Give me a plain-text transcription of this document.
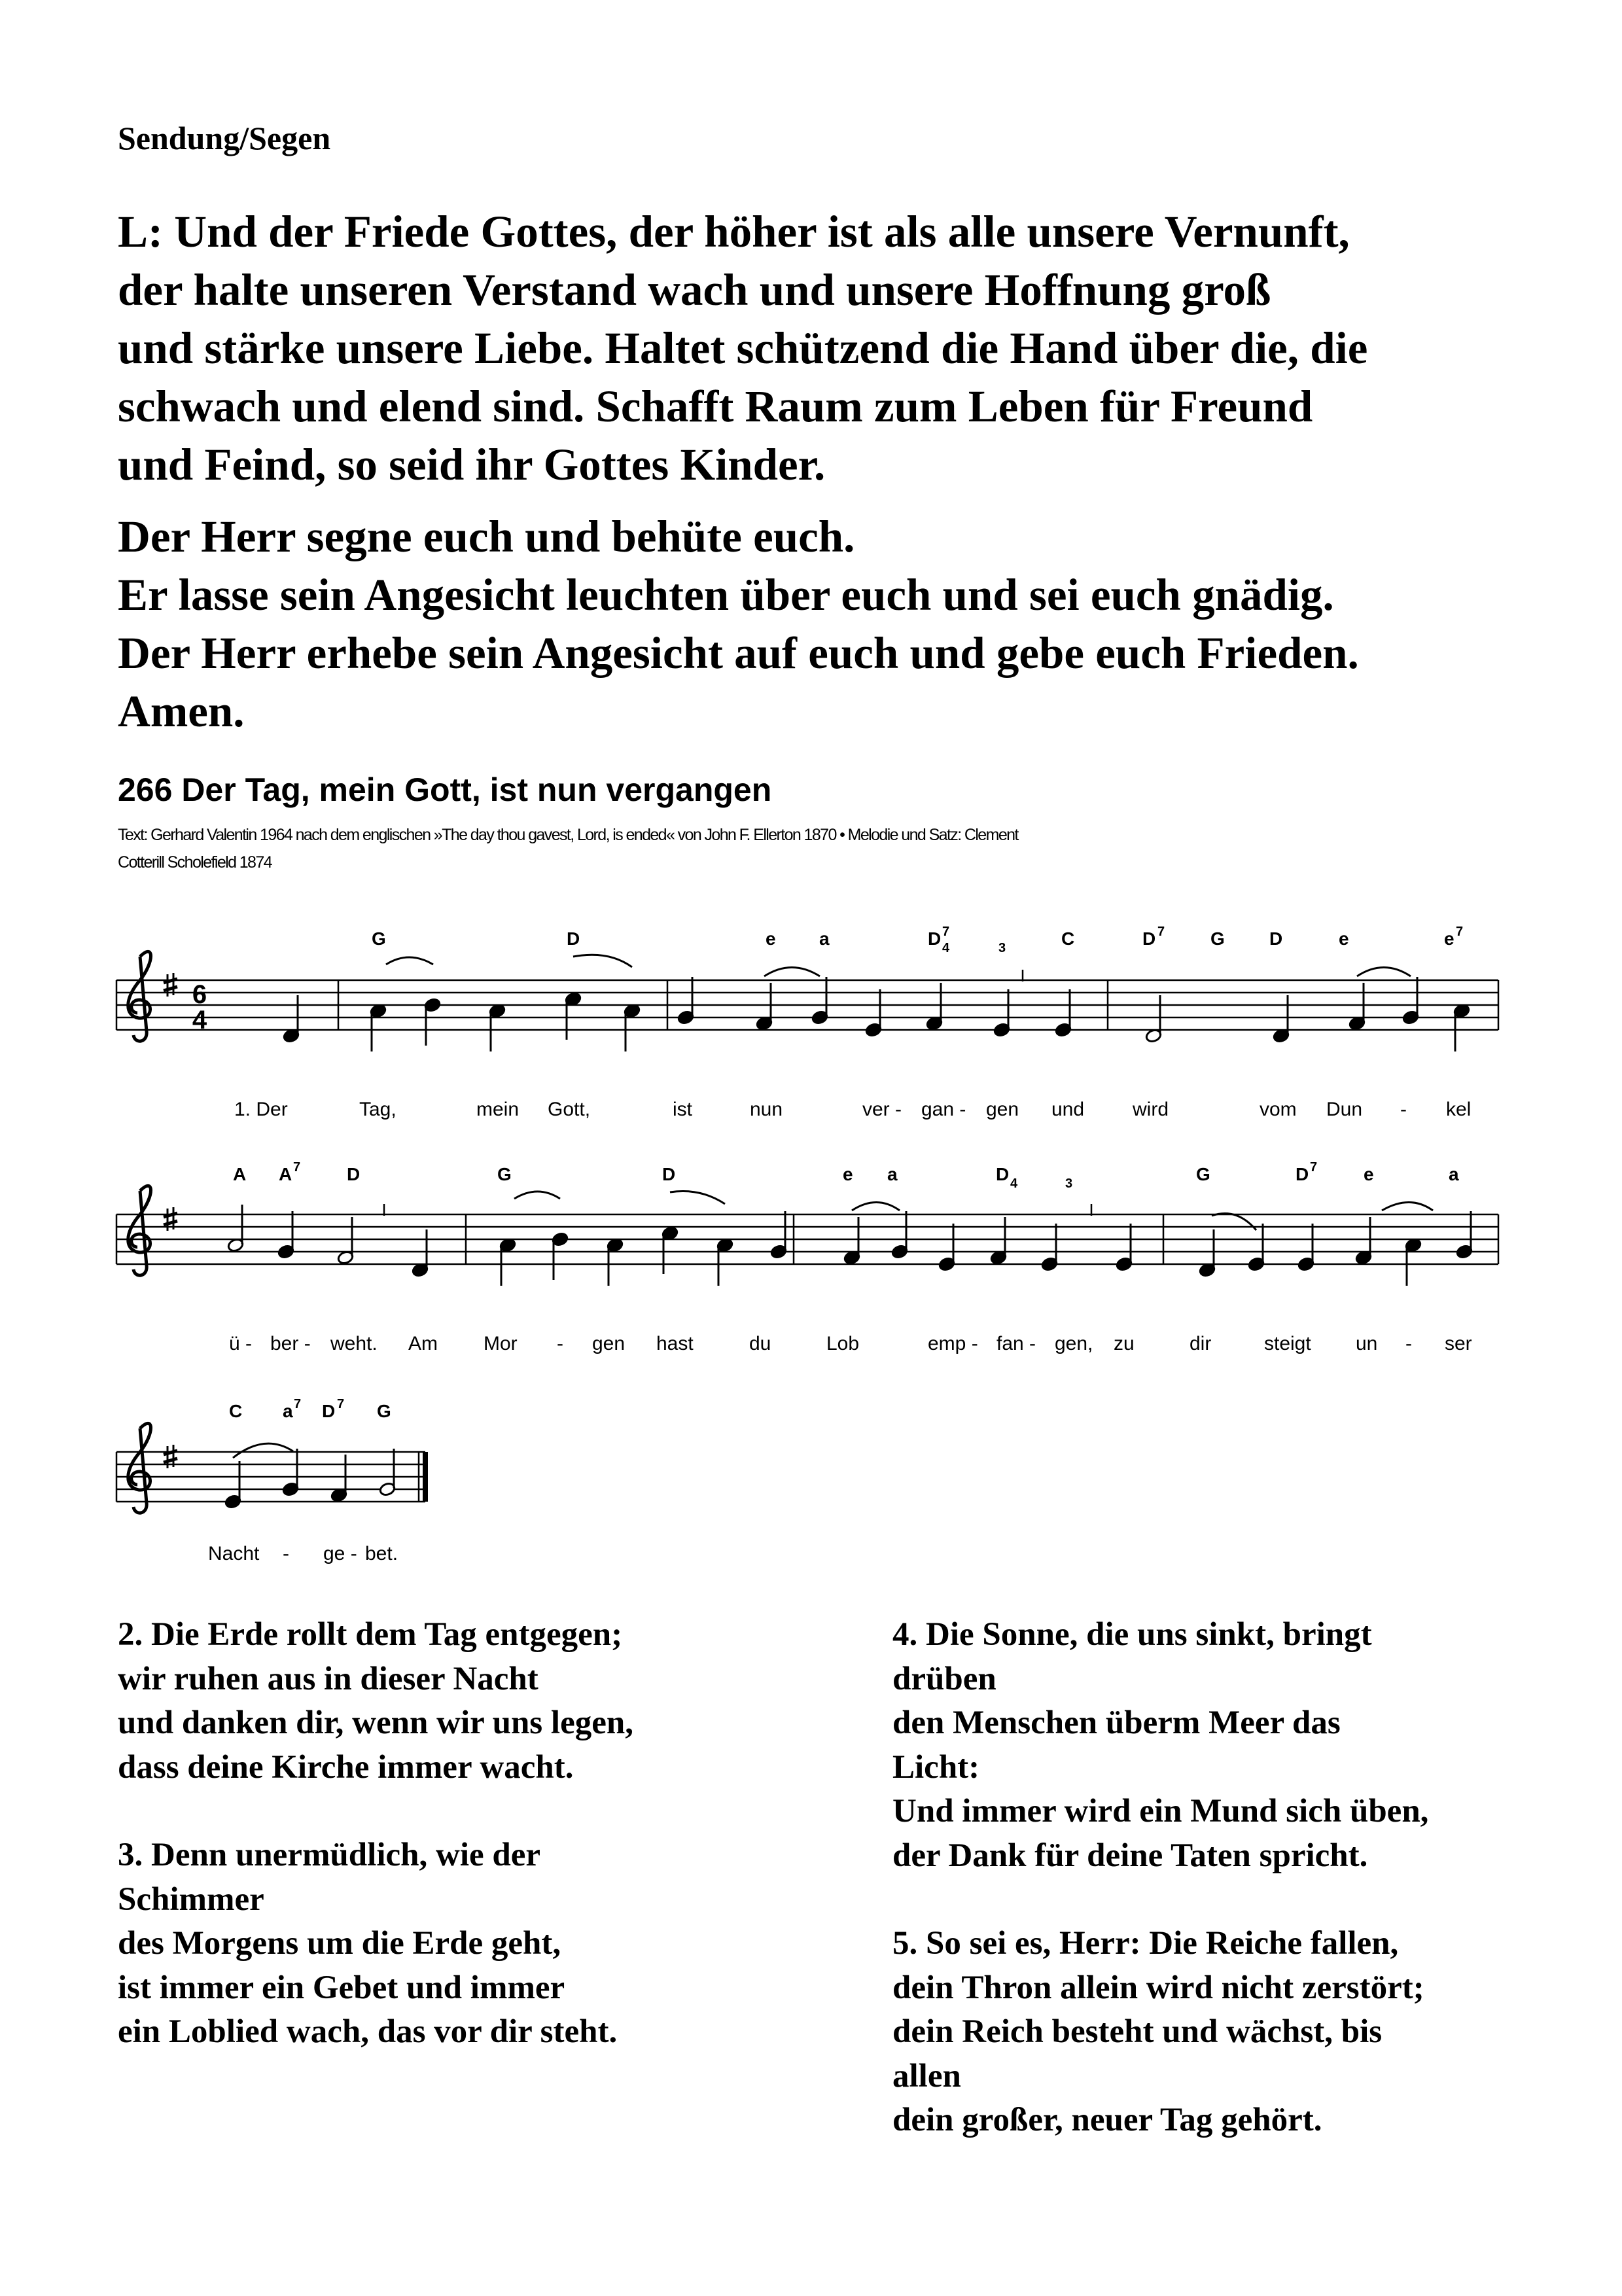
Sendung/Segen
L: Und der Friede Gottes, der höher ist als alle unsere Vernunft,
der halte unseren Verstand wach und unsere Hoffnung groß
und stärke unsere Liebe. Haltet schützend die Hand über die, die
schwach und elend sind. Schafft Raum zum Leben für Freund
und Feind, so seid ihr Gottes Kinder.
Der Herr segne euch und behüte euch.
Er lasse sein Angesicht leuchten über euch und sei euch gnädig.
Der Herr erhebe sein Angesicht auf euch und gebe euch Frieden.
Amen.
266 Der Tag, mein Gott, ist nun vergangen
Text: Gerhard Valentin 1964 nach dem englischen »The day thou gavest, Lord, is ended« von John F. Ellerton 1870 • Melodie und Satz: Clement
Cotterill Scholefield 1874
6
4
G	D	e a	D 7
4	3	C	D 7 G D	e	e 7
1. Der	Tag,	mein Gott,	ist	nun	ver - gan - gen und wird	vom Dun - kel
A A 7	D	G	D	e a	D 4	3	G	D 7	e	a
ü - ber - weht. Am Mor - gen hast	du	Lob	emp - fan - gen, zu	dir	steigt un - ser
C a 7 D 7 G
Nacht - ge - bet.
2. Die Erde rollt dem Tag entgegen;
wir ruhen aus in dieser Nacht
und danken dir, wenn wir uns legen,
dass deine Kirche immer wacht.
3. Denn unermüdlich, wie der
Schimmer
des Morgens um die Erde geht,
ist immer ein Gebet und immer
ein Loblied wach, das vor dir steht.
4. Die Sonne, die uns sinkt, bringt
drüben
den Menschen überm Meer das
Licht:
Und immer wird ein Mund sich üben,
der Dank für deine Taten spricht.
5. So sei es, Herr: Die Reiche fallen,
dein Thron allein wird nicht zerstört;
dein Reich besteht und wächst, bis
allen
dein großer, neuer Tag gehört.
